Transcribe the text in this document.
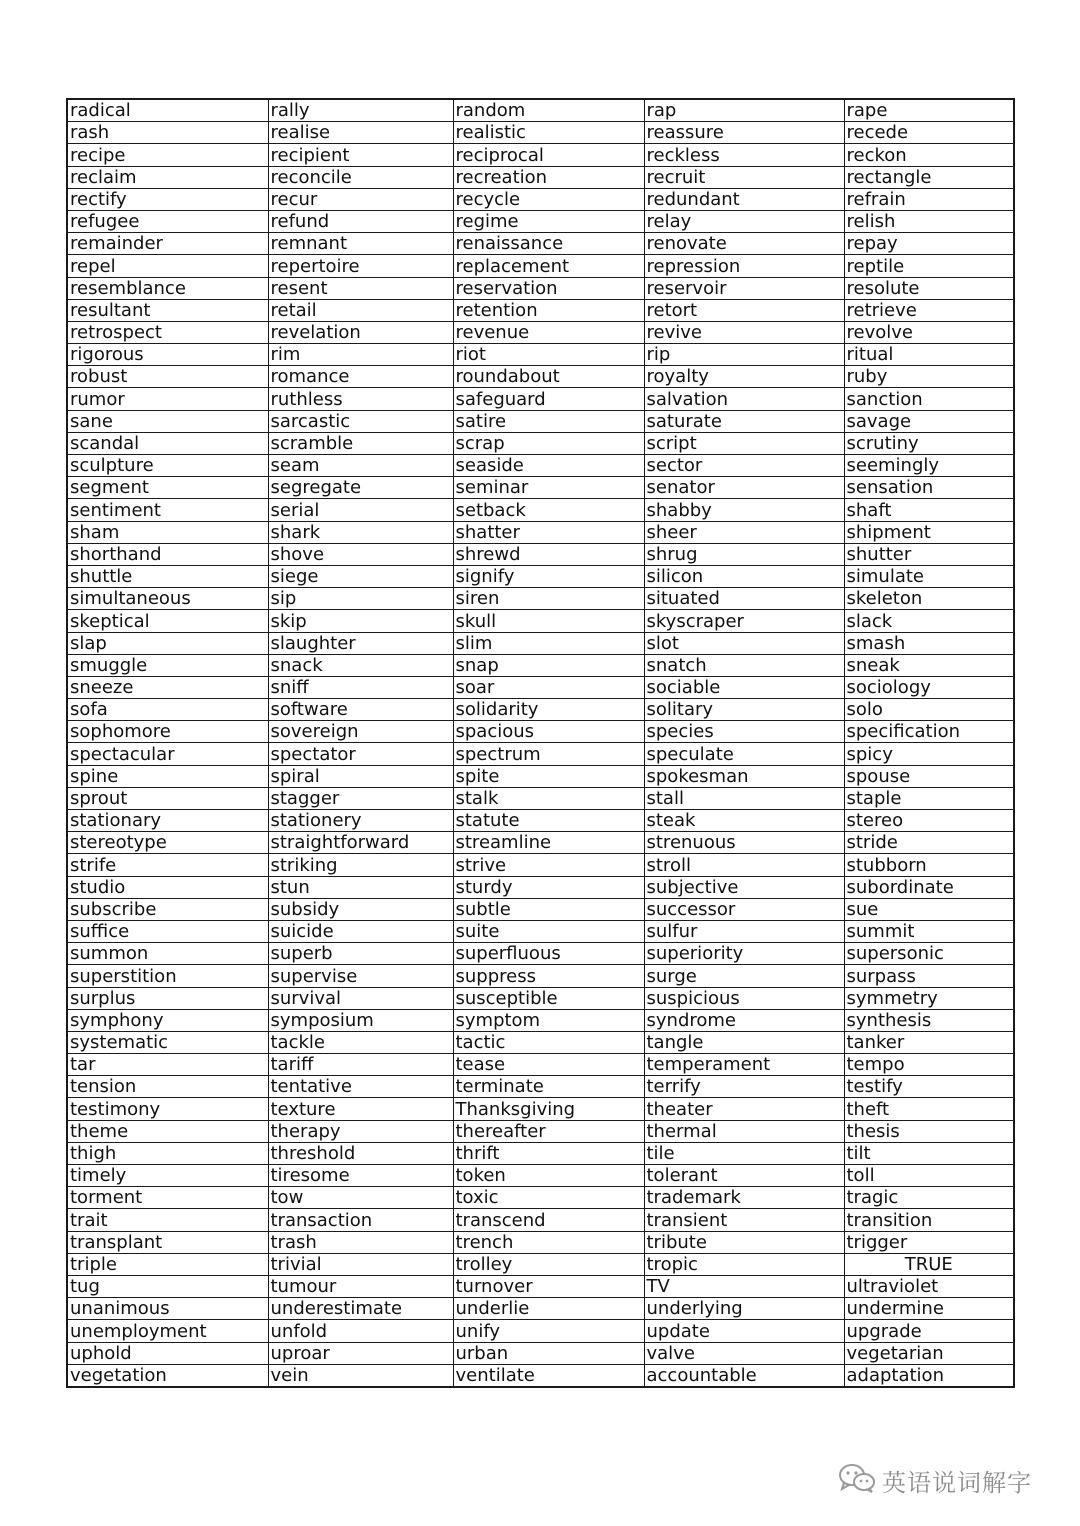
radical	rally	random	rap	rape
rash	realise	realistic	reassure	recede
recipe	recipient	reciprocal	reckless	reckon
reclaim	reconcile	recreation	recruit	rectangle
rectify	recur	recycle	redundant	refrain
refugee	refund	regime	relay	relish
remainder	remnant	renaissance	renovate	repay
repel	repertoire	replacement	repression	reptile
resemblance	resent	reservation	reservoir	resolute
resultant	retail	retention	retort	retrieve
retrospect	revelation	revenue	revive	revolve
rigorous	rim	riot	rip	ritual
robust	romance	roundabout	royalty	ruby
rumor	ruthless	safeguard	salvation	sanction
sane	sarcastic	satire	saturate	savage
scandal	scramble	scrap	script	scrutiny
sculpture	seam	seaside	sector	seemingly
segment	segregate	seminar	senator	sensation
sentiment	serial	setback	shabby	shaft
sham	shark	shatter	sheer	shipment
shorthand	shove	shrewd	shrug	shutter
shuttle	siege	signify	silicon	simulate
simultaneous	sip	siren	situated	skeleton
skeptical	skip	skull	skyscraper	slack
slap	slaughter	slim	slot	smash
smuggle	snack	snap	snatch	sneak
sneeze	sniff	soar	sociable	sociology
sofa	software	solidarity	solitary	solo
sophomore	sovereign	spacious	species	specification
spectacular	spectator	spectrum	speculate	spicy
spine	spiral	spite	spokesman	spouse
sprout	stagger	stalk	stall	staple
stationary	stationery	statute	steak	stereo
stereotype	straightforward	streamline	strenuous	stride
strife	striking	strive	stroll	stubborn
studio	stun	sturdy	subjective	subordinate
subscribe	subsidy	subtle	successor	sue
suffice	suicide	suite	sulfur	summit
summon	superb	superfluous	superiority	supersonic
superstition	supervise	suppress	surge	surpass
surplus	survival	susceptible	suspicious	symmetry
symphony	symposium	symptom	syndrome	synthesis
systematic	tackle	tactic	tangle	tanker
tar	tariff	tease	temperament	tempo
tension	tentative	terminate	terrify	testify
testimony	texture	Thanksgiving	theater	theft
theme	therapy	thereafter	thermal	thesis
thigh	threshold	thrift	tile	tilt
timely	tiresome	token	tolerant	toll
torment	tow	toxic	trademark	tragic
trait	transaction	transcend	transient	transition
transplant	trash	trench	tribute	trigger
triple	trivial	trolley	tropic	TRUE
tug	tumour	turnover	TV	ultraviolet
unanimous	underestimate	underlie	underlying	undermine
unemployment	unfold	unify	update	upgrade
uphold	uproar	urban	valve	vegetarian
vegetation	vein	ventilate	accountable	adaptation
英语说词解字
